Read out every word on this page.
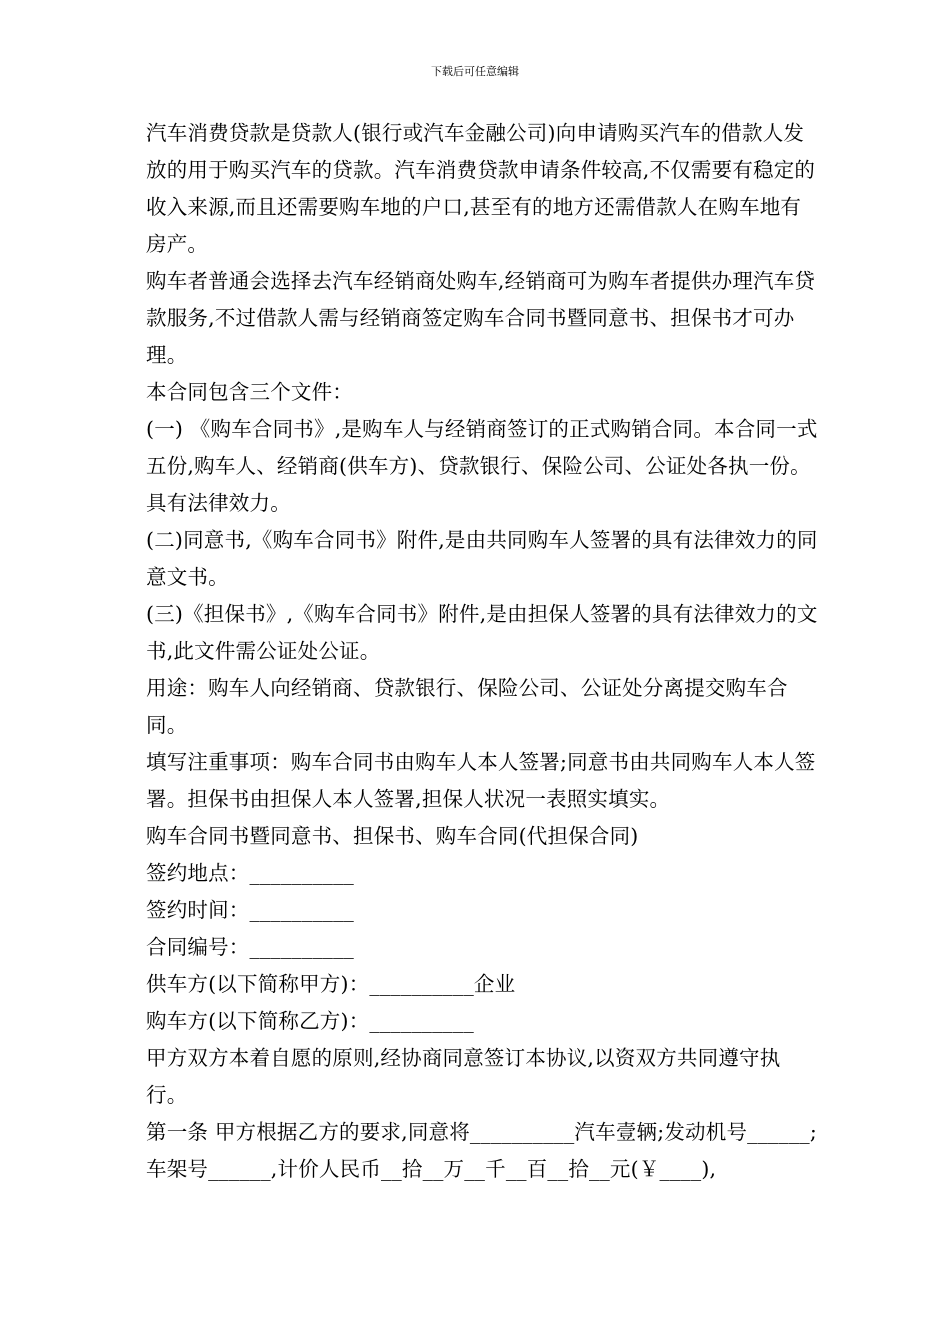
下载后可任意编辑

汽车消费贷款是贷款人(银行或汽车金融公司)向申请购买汽车的借款人发放的用于购买汽车的贷款。汽车消费贷款申请条件较高,不仅需要有稳定的收入来源,而且还需要购车地的户口,甚至有的地方还需借款人在购车地有房产。

购车者普通会选择去汽车经销商处购车,经销商可为购车者提供办理汽车贷款服务,不过借款人需与经销商签定购车合同书暨同意书、担保书才可办理。

本合同包含三个文件：

(一) 《购车合同书》,是购车人与经销商签订的正式购销合同。本合同一式五份,购车人、经销商(供车方)、贷款银行、保险公司、公证处各执一份。具有法律效力。

(二)同意书,《购车合同书》附件,是由共同购车人签署的具有法律效力的同意文书。

(三)《担保书》,《购车合同书》附件,是由担保人签署的具有法律效力的文书,此文件需公证处公证。

用途：购车人向经销商、贷款银行、保险公司、公证处分离提交购车合同。

填写注重事项：购车合同书由购车人本人签署;同意书由共同购车人本人签署。担保书由担保人本人签署,担保人状况一表照实填实。

购车合同书暨同意书、担保书、购车合同(代担保合同)

签约地点：__________

签约时间：__________

合同编号：__________

供车方(以下简称甲方)：__________企业

购车方(以下简称乙方)：__________

甲方双方本着自愿的原则,经协商同意签订本协议,以资双方共同遵守执行。

第一条 甲方根据乙方的要求,同意将__________汽车壹辆;发动机号______;车架号______,计价人民币__拾__万__千__百__拾__元(￥____),
